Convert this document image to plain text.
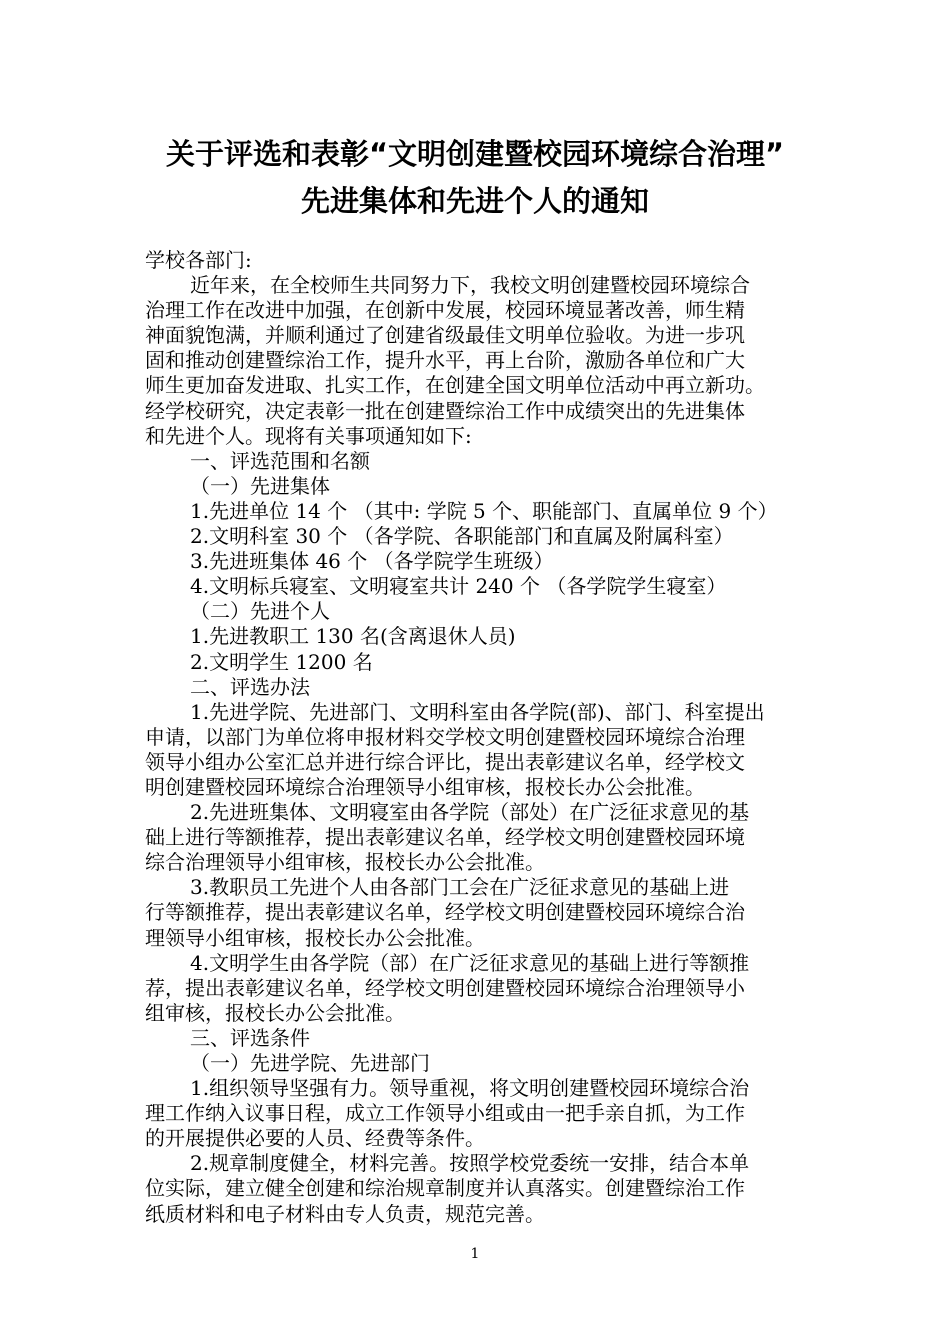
关于评选和表彰“文明创建暨校园环境综合治理”
先进集体和先进个人的通知
学校各部门:
近年来，在全校师生共同努力下，我校文明创建暨校园环境综合
治理工作在改进中加强，在创新中发展，校园环境显著改善，师生精
神面貌饱满，并顺利通过了创建省级最佳文明单位验收。为进一步巩
固和推动创建暨综治工作，提升水平，再上台阶，激励各单位和广大
师生更加奋发进取、扎实工作，在创建全国文明单位活动中再立新功。
经学校研究，决定表彰一批在创建暨综治工作中成绩突出的先进集体
和先进个人。现将有关事项通知如下:
一、评选范围和名额
（一）先进集体
1.先进单位 14 个 （其中: 学院 5 个、职能部门、直属单位 9 个）
2.文明科室 30 个 （各学院、各职能部门和直属及附属科室）
3.先进班集体 46 个 （各学院学生班级）
4.文明标兵寝室、文明寝室共计 240 个 （各学院学生寝室）
（二）先进个人
1.先进教职工 130 名(含离退休人员)
2.文明学生 1200 名
二、评选办法
1.先进学院、先进部门、文明科室由各学院(部)、部门、科室提出
申请，以部门为单位将申报材料交学校文明创建暨校园环境综合治理
领导小组办公室汇总并进行综合评比，提出表彰建议名单，经学校文
明创建暨校园环境综合治理领导小组审核，报校长办公会批准。
2.先进班集体、文明寝室由各学院（部处）在广泛征求意见的基
础上进行等额推荐，提出表彰建议名单，经学校文明创建暨校园环境
综合治理领导小组审核，报校长办公会批准。
3.教职员工先进个人由各部门工会在广泛征求意见的基础上进
行等额推荐，提出表彰建议名单，经学校文明创建暨校园环境综合治
理领导小组审核，报校长办公会批准。
4.文明学生由各学院（部）在广泛征求意见的基础上进行等额推
荐，提出表彰建议名单，经学校文明创建暨校园环境综合治理领导小
组审核，报校长办公会批准。
三、评选条件
（一）先进学院、先进部门
1.组织领导坚强有力。领导重视，将文明创建暨校园环境综合治
理工作纳入议事日程，成立工作领导小组或由一把手亲自抓，为工作
的开展提供必要的人员、经费等条件。
2.规章制度健全，材料完善。按照学校党委统一安排，结合本单
位实际，建立健全创建和综治规章制度并认真落实。创建暨综治工作
纸质材料和电子材料由专人负责，规范完善。
1
